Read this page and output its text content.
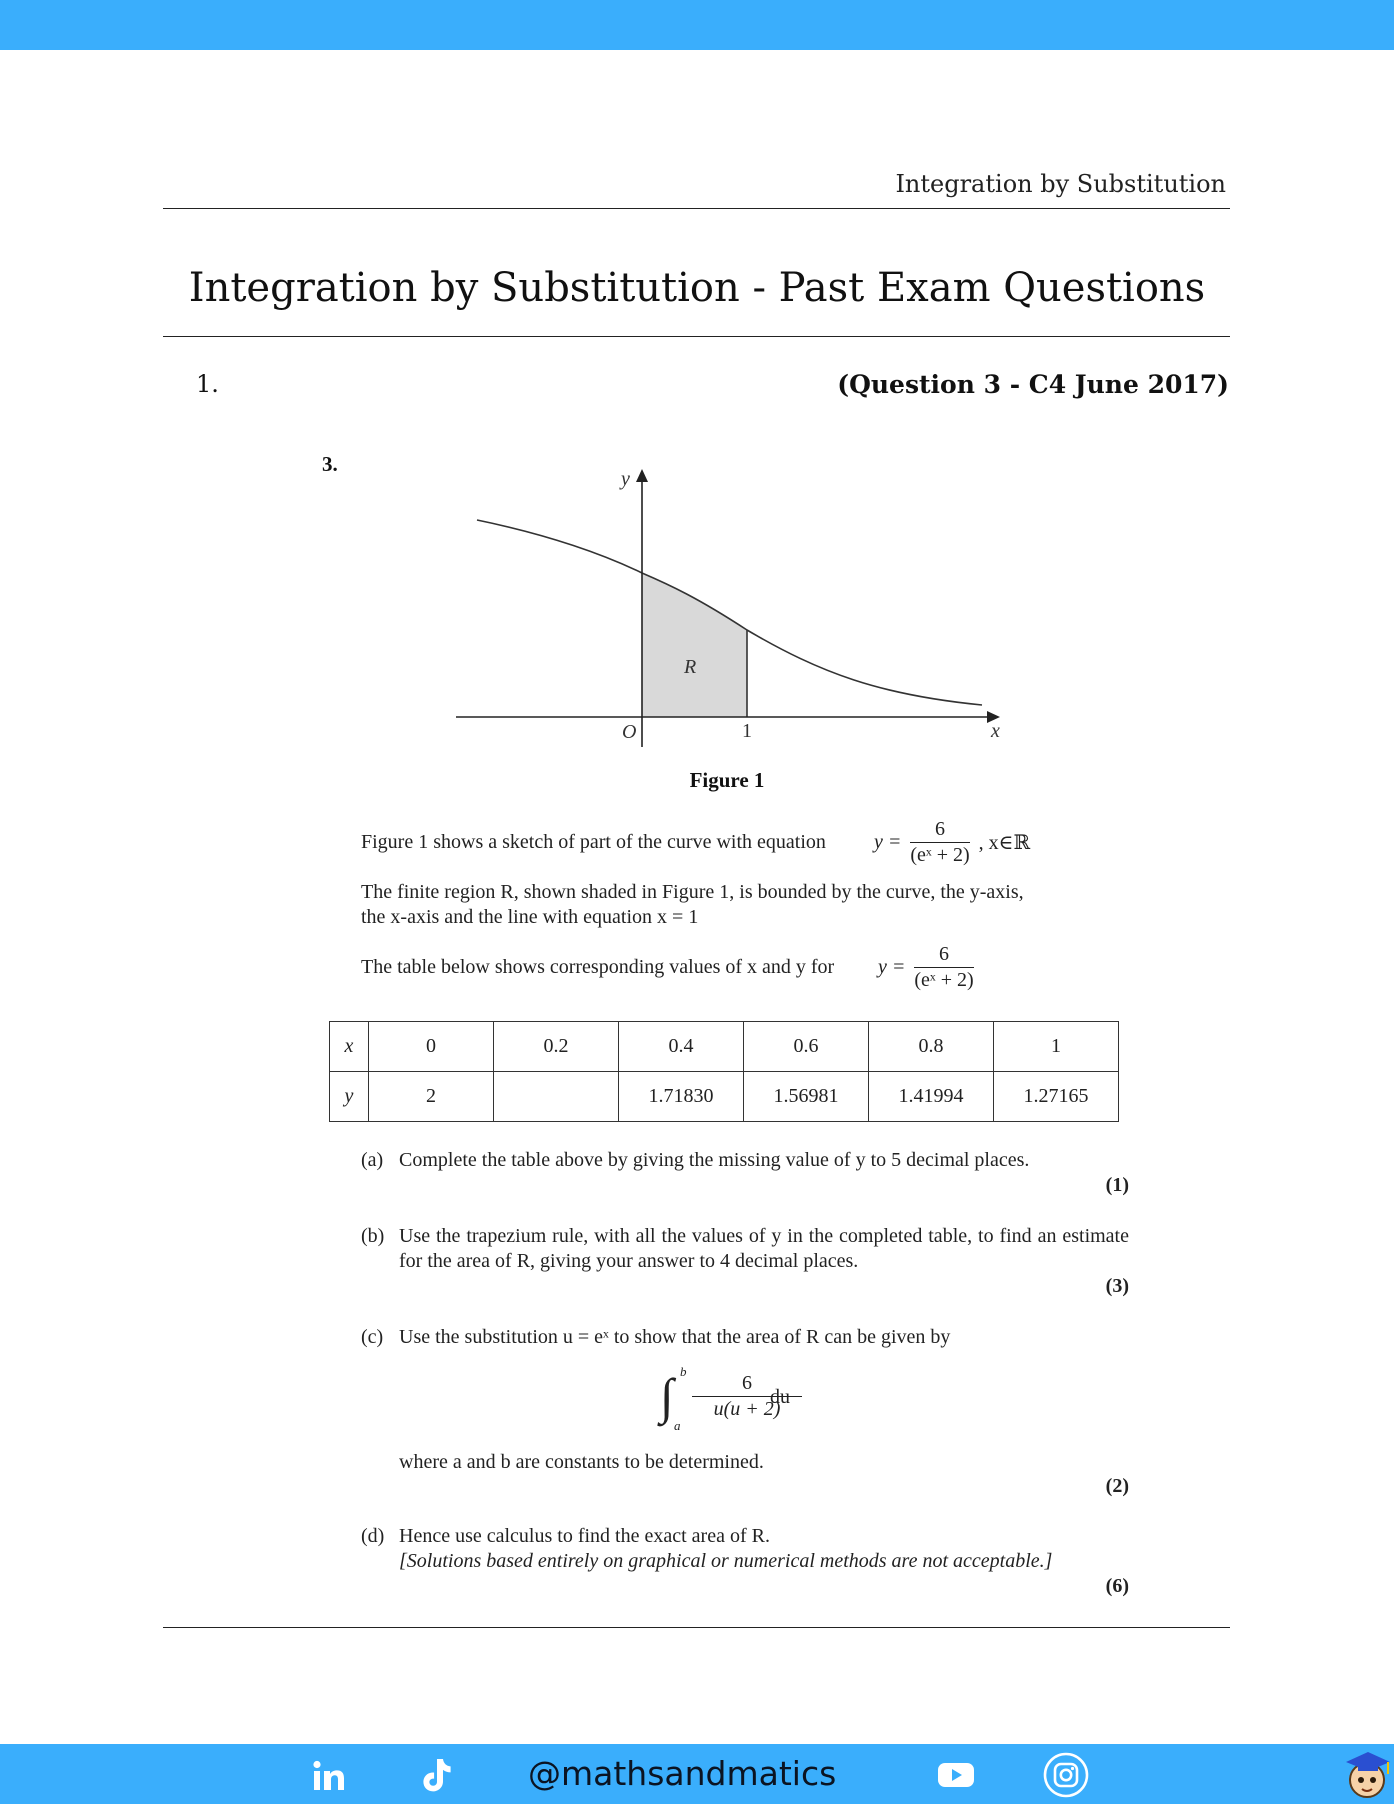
Integration by Substitution
Integration by Substitution - Past Exam Questions
1.	(Question 3 - C4 June 2017)
3.
y
x
O	1
R
Figure 1
Figure 1 shows a sketch of part of the curve with equation $y = \frac{6}{\text{(eˣ + 2)}}$ , x∈ℝ
The finite region R, shown shaded in Figure 1, is bounded by the curve, the y-axis,
the x-axis and the line with equation x = 1
The table below shows corresponding values of x and y for $y = \frac{6}{\text{(eˣ + 2)}}$
x	0	0.2	0.4	0.6	0.8	1
y	2		1.71830	1.56981	1.41994	1.27165
(a) Complete the table above by giving the missing value of y to 5 decimal places.
(1)
(b) Use the trapezium rule, with all the values of y in the completed table, to find an estimate for the area of R, giving your answer to 4 decimal places.
(3)
(c) Use the substitution u = eˣ to show that the area of R can be given by
∫ b
a
$\frac{6}{u(u + 2)}$
du
where a and b are constants to be determined.
(2)
(d) Hence use calculus to find the exact area of R.
[Solutions based entirely on graphical or numerical methods are not acceptable.]
(6)
@mathsandmatics
